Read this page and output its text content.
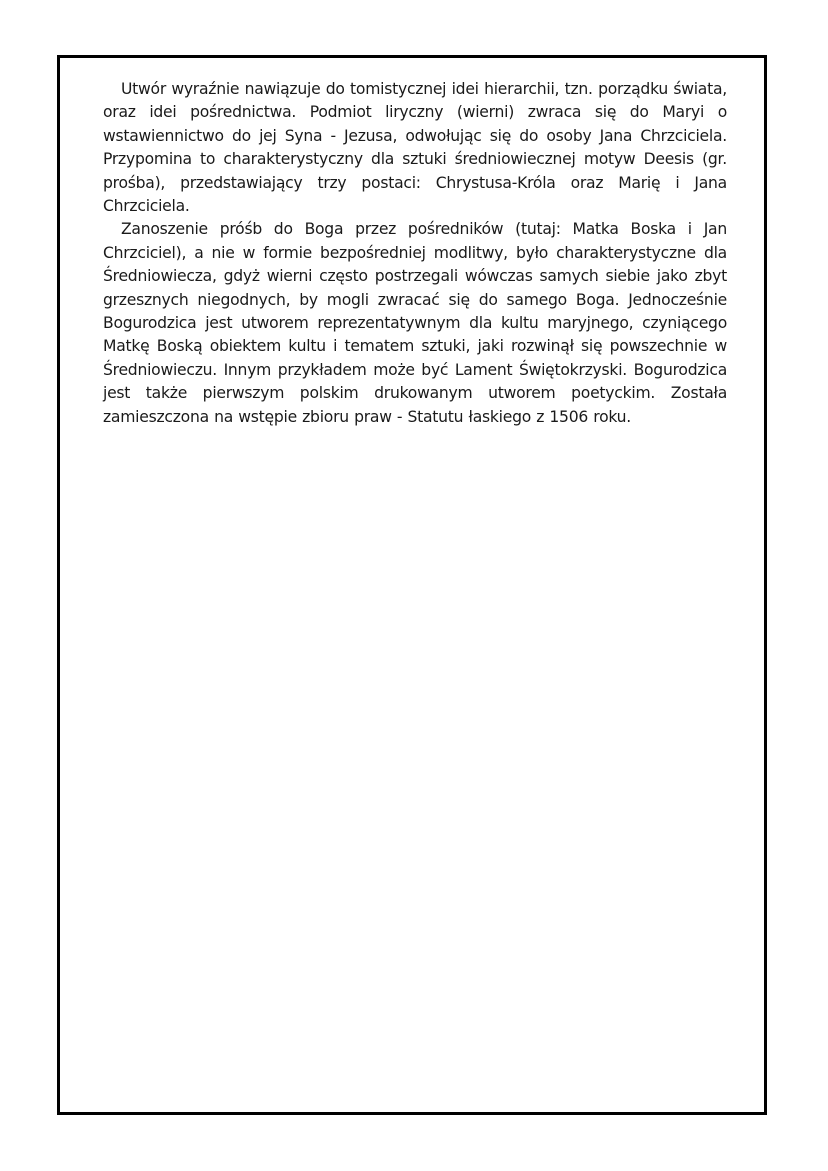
Utwór wyraźnie nawiązuje do tomistycznej idei hierarchii, tzn. porządku świata, oraz idei pośrednictwa. Podmiot liryczny (wierni) zwraca się do Maryi o wstawiennictwo do jej Syna - Jezusa, odwołując się do osoby Jana Chrzciciela. Przypomina to charakterystyczny dla sztuki średniowiecznej motyw Deesis (gr. prośba), przedstawiający trzy postaci: Chrystusa-Króla oraz Marię i Jana Chrzciciela.

Zanoszenie próśb do Boga przez pośredników (tutaj: Matka Boska i Jan Chrzciciel), a nie w formie bezpośredniej modlitwy, było charakterystyczne dla Średniowiecza, gdyż wierni często postrzegali wówczas samych siebie jako zbyt grzesznych niegodnych, by mogli zwracać się do samego Boga. Jednocześnie Bogurodzica jest utworem reprezentatywnym dla kultu maryjnego, czyniącego Matkę Boską obiektem kultu i tematem sztuki, jaki rozwinął się powszechnie w Średniowieczu. Innym przykładem może być Lament Świętokrzyski. Bogurodzica jest także pierwszym polskim drukowanym utworem poetyckim. Została zamieszczona na wstępie zbioru praw - Statutu łaskiego z 1506 roku.
